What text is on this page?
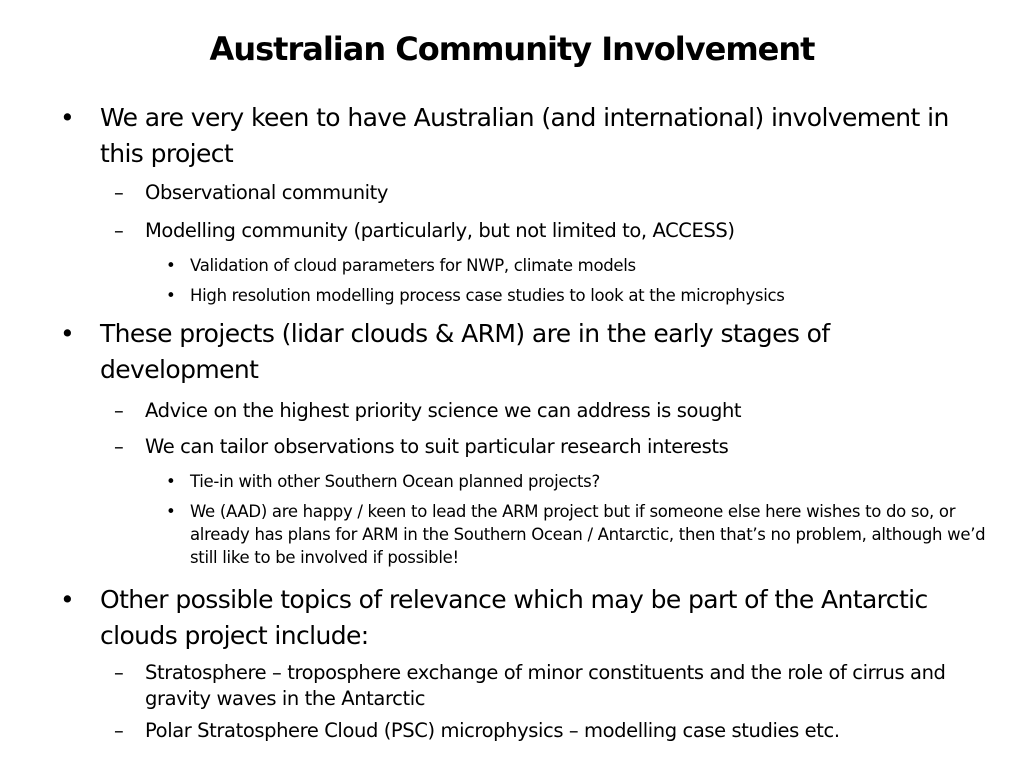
Australian Community Involvement
• We are very keen to have Australian (and international) involvement in this project

– Observational community

– Modelling community (particularly, but not limited to, ACCESS)

• Validation of cloud parameters for NWP, climate models

• High resolution modelling process case studies to look at the microphysics

• These projects (lidar clouds & ARM) are in the early stages of development

– Advice on the highest priority science we can address is sought

– We can tailor observations to suit particular research interests

• Tie-in with other Southern Ocean planned projects?

• We (AAD) are happy / keen to lead the ARM project but if someone else here wishes to do so, or already has plans for ARM in the Southern Ocean / Antarctic, then that’s no problem, although we’d still like to be involved if possible!

• Other possible topics of relevance which may be part of the Antarctic clouds project include:

– Stratosphere – troposphere exchange of minor constituents and the role of cirrus and gravity waves in the Antarctic

– Polar Stratosphere Cloud (PSC) microphysics – modelling case studies etc.
